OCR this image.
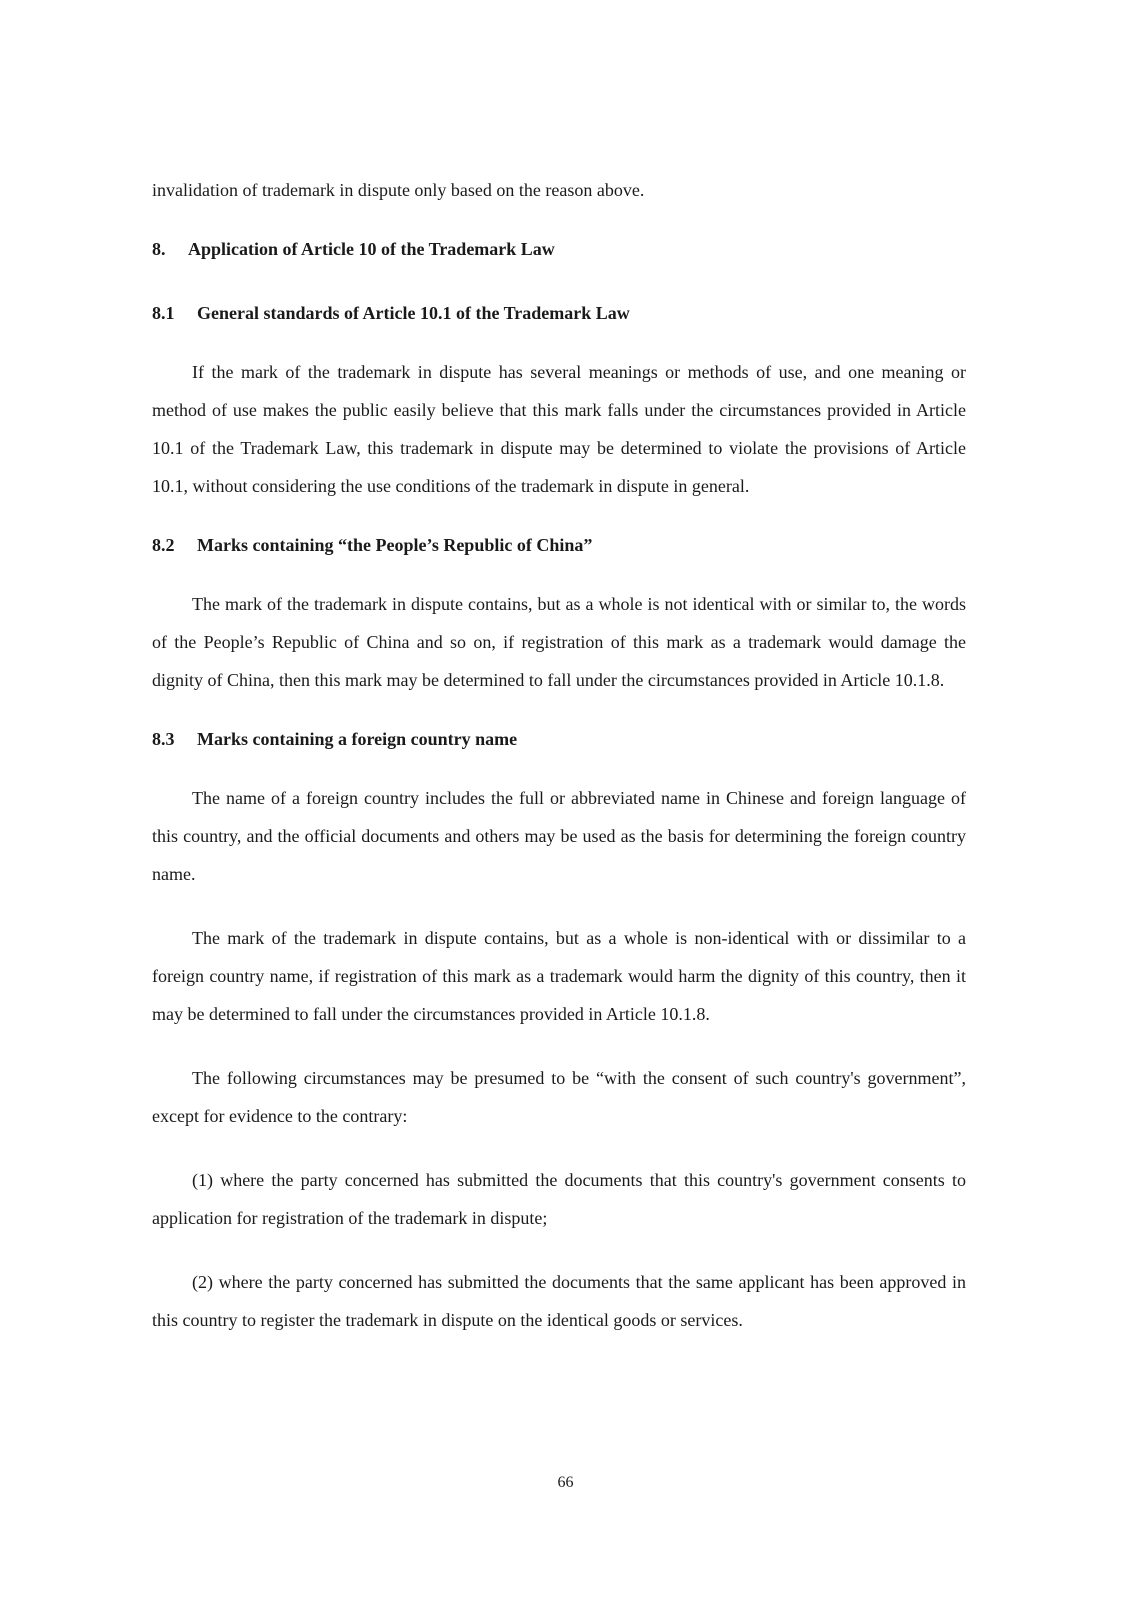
invalidation of trademark in dispute only based on the reason above.

8. Application of Article 10 of the Trademark Law

8.1 General standards of Article 10.1 of the Trademark Law

If the mark of the trademark in dispute has several meanings or methods of use, and one meaning or method of use makes the public easily believe that this mark falls under the circumstances provided in Article 10.1 of the Trademark Law, this trademark in dispute may be determined to violate the provisions of Article 10.1, without considering the use conditions of the trademark in dispute in general.

8.2 Marks containing “the People’s Republic of China”

The mark of the trademark in dispute contains, but as a whole is not identical with or similar to, the words of the People’s Republic of China and so on, if registration of this mark as a trademark would damage the dignity of China, then this mark may be determined to fall under the circumstances provided in Article 10.1.8.

8.3 Marks containing a foreign country name

The name of a foreign country includes the full or abbreviated name in Chinese and foreign language of this country, and the official documents and others may be used as the basis for determining the foreign country name.

The mark of the trademark in dispute contains, but as a whole is non-identical with or dissimilar to a foreign country name, if registration of this mark as a trademark would harm the dignity of this country, then it may be determined to fall under the circumstances provided in Article 10.1.8.

The following circumstances may be presumed to be “with the consent of such country's government”, except for evidence to the contrary:

(1) where the party concerned has submitted the documents that this country's government consents to application for registration of the trademark in dispute;

(2) where the party concerned has submitted the documents that the same applicant has been approved in this country to register the trademark in dispute on the identical goods or services.

66
